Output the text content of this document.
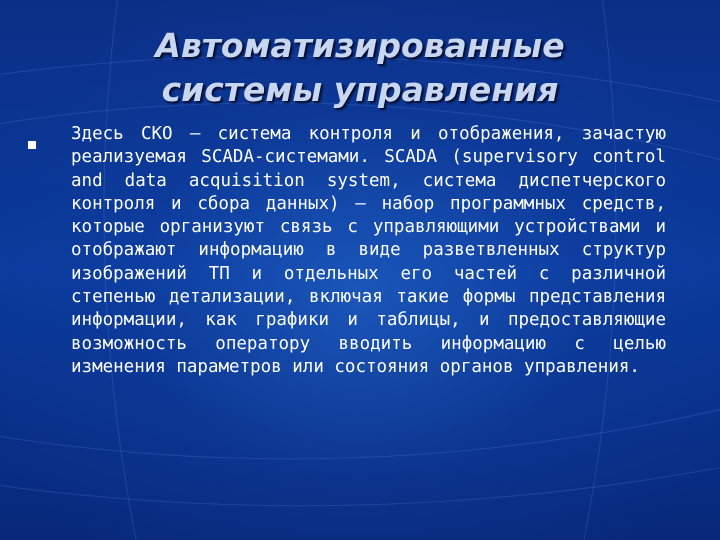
Автоматизированные
системы управления
Здесь СКО – система контроля и отображения, зачастую реализуемая SCADA-системами. SCADA (supervisory control and data acquisition system, система диспетчерского контроля и сбора данных) – набор программных средств, которые организуют связь с управляющими устройствами и отображают информацию в виде разветвленных структур изображений ТП и отдельных его частей с различной степенью детализации, включая такие формы представления информации, как графики и таблицы, и предоставляющие возможность оператору вводить информацию с целью изменения параметров или состояния органов управления.
